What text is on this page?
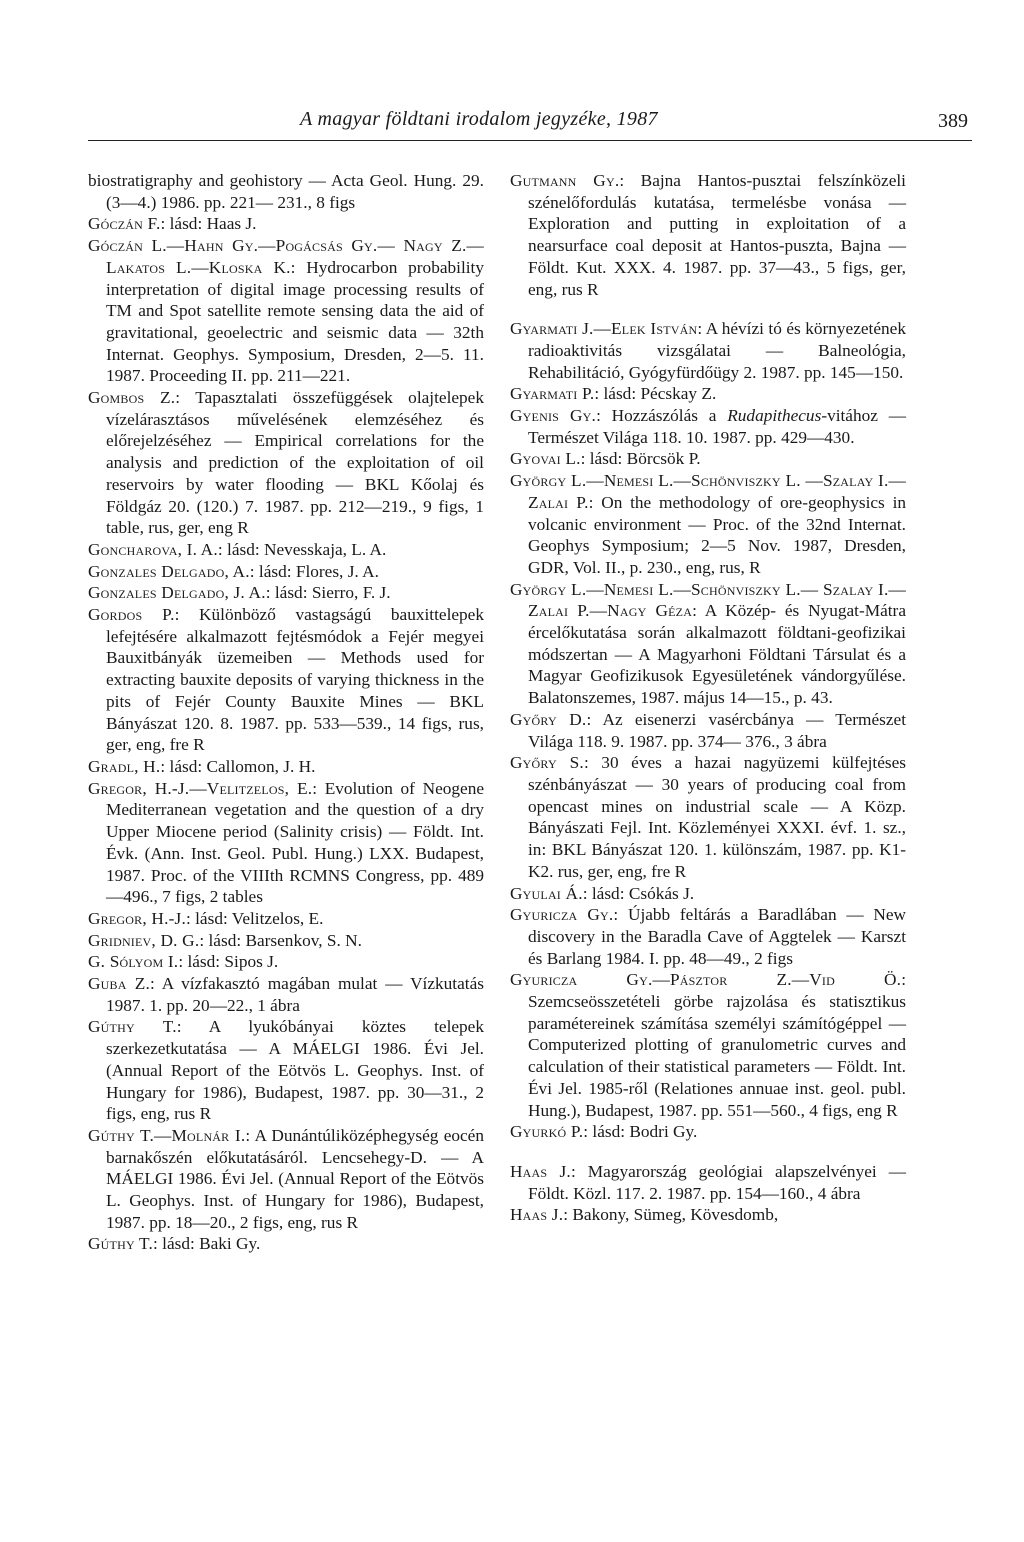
A magyar földtani irodalom jegyzéke, 1987	389

biostratigraphy and geohistory — Acta Geol. Hung. 29. (3—4.) 1986. pp. 221— 231., 8 figs

Góczán F.: lásd: Haas J.

Góczán L.—Hahn Gy.—Pogácsás Gy.— Nagy Z.—Lakatos L.—Kloska K.: Hydrocarbon probability interpretation of digital image processing results of TM and Spot satellite remote sensing data the aid of gravitational, geoelectric and seismic data — 32th Internat. Geophys. Symposium, Dresden, 2—5. 11. 1987. Proceeding II. pp. 211—221.

Gombos Z.: Tapasztalati összefüggések olajtelepek vízelárasztásos művelésének elemzéséhez és előrejelzéséhez — Empirical correlations for the analysis and prediction of the exploitation of oil reservoirs by water flooding — BKL Kőolaj és Földgáz 20. (120.) 7. 1987. pp. 212—219., 9 figs, 1 table, rus, ger, eng R

Goncharova, I. A.: lásd: Nevesskaja, L. A.

Gonzales Delgado, A.: lásd: Flores, J. A.

Gonzales Delgado, J. A.: lásd: Sierro, F. J.

Gordos P.: Különböző vastagságú bauxittelepek lefejtésére alkalmazott fejtésmódok a Fejér megyei Bauxitbányák üzemeiben — Methods used for extracting bauxite deposits of varying thickness in the pits of Fejér County Bauxite Mines — BKL Bányászat 120. 8. 1987. pp. 533—539., 14 figs, rus, ger, eng, fre R

Gradl, H.: lásd: Callomon, J. H.

Gregor, H.-J.—Velitzelos, E.: Evolution of Neogene Mediterranean vegetation and the question of a dry Upper Miocene period (Salinity crisis) — Földt. Int. Évk. (Ann. Inst. Geol. Publ. Hung.) LXX. Budapest, 1987. Proc. of the VIIIth RCMNS Congress, pp. 489—496., 7 figs, 2 tables

Gregor, H.-J.: lásd: Velitzelos, E.

Gridniev, D. G.: lásd: Barsenkov, S. N.

G. Sólyom I.: lásd: Sipos J.

Guba Z.: A vízfakasztó magában mulat — Vízkutatás 1987. 1. pp. 20—22., 1 ábra

Gúthy T.: A lyukóbányai köztes telepek szerkezetkutatása — A MÁELGI 1986. Évi Jel. (Annual Report of the Eötvös L. Geophys. Inst. of Hungary for 1986), Budapest, 1987. pp. 30—31., 2 figs, eng, rus R

Gúthy T.—Molnár I.: A Dunántúliközéphegység eocén barnakőszén előkutatásáról. Lencsehegy-D. — A MÁELGI 1986. Évi Jel. (Annual Report of the Eötvös L. Geophys. Inst. of Hungary for 1986), Budapest, 1987. pp. 18—20., 2 figs, eng, rus R

Gúthy T.: lásd: Baki Gy.

Gutmann Gy.: Bajna Hantos-pusztai felszínközeli szénelőfordulás kutatása, termelésbe vonása — Exploration and putting in exploitation of a nearsurface coal deposit at Hantos-puszta, Bajna — Földt. Kut. XXX. 4. 1987. pp. 37—43., 5 figs, ger, eng, rus R

Gyarmati J.—Elek István: A hévízi tó és környezetének radioaktivitás vizsgálatai — Balneológia, Rehabilitáció, Gyógyfürdőügy 2. 1987. pp. 145—150.

Gyarmati P.: lásd: Pécskay Z.

Gyenis Gy.: Hozzászólás a Rudapithecus-vitához — Természet Világa 118. 10. 1987. pp. 429—430.

Gyovai L.: lásd: Börcsök P.

György L.—Nemesi L.—Schönviszky L. —Szalay I.—Zalai P.: On the methodology of ore-geophysics in volcanic environment — Proc. of the 32nd Internat. Geophys Symposium; 2—5 Nov. 1987, Dresden, GDR, Vol. II., p. 230., eng, rus, R

György L.—Nemesi L.—Schönviszky L.— Szalay I.—Zalai P.—Nagy Géza: A Közép- és Nyugat-Mátra ércelőkutatása során alkalmazott földtani-geofizikai módszertan — A Magyarhoni Földtani Társulat és a Magyar Geofizikusok Egyesületének vándorgyűlése. Balatonszemes, 1987. május 14—15., p. 43.

Győry D.: Az eisenerzi vasércbánya — Természet Világa 118. 9. 1987. pp. 374— 376., 3 ábra

Győry S.: 30 éves a hazai nagyüzemi külfejtéses szénbányászat — 30 years of producing coal from opencast mines on industrial scale — A Közp. Bányászati Fejl. Int. Közleményei XXXI. évf. 1. sz., in: BKL Bányászat 120. 1. különszám, 1987. pp. K1-K2. rus, ger, eng, fre R

Gyulai Á.: lásd: Csókás J.

Gyuricza Gy.: Újabb feltárás a Baradlában — New discovery in the Baradla Cave of Aggtelek — Karszt és Barlang 1984. I. pp. 48—49., 2 figs

Gyuricza Gy.—Pásztor Z.—Vid Ö.: Szemcseösszetételi görbe rajzolása és statisztikus paramétereinek számítása személyi számítógéppel — Computerized plotting of granulometric curves and calculation of their statistical parameters — Földt. Int. Évi Jel. 1985-ről (Relationes annuae inst. geol. publ. Hung.), Budapest, 1987. pp. 551—560., 4 figs, eng R

Gyurkó P.: lásd: Bodri Gy.

Haas J.: Magyarország geológiai alapszelvényei — Földt. Közl. 117. 2. 1987. pp. 154—160., 4 ábra

Haas J.: Bakony, Sümeg, Kövesdomb,
